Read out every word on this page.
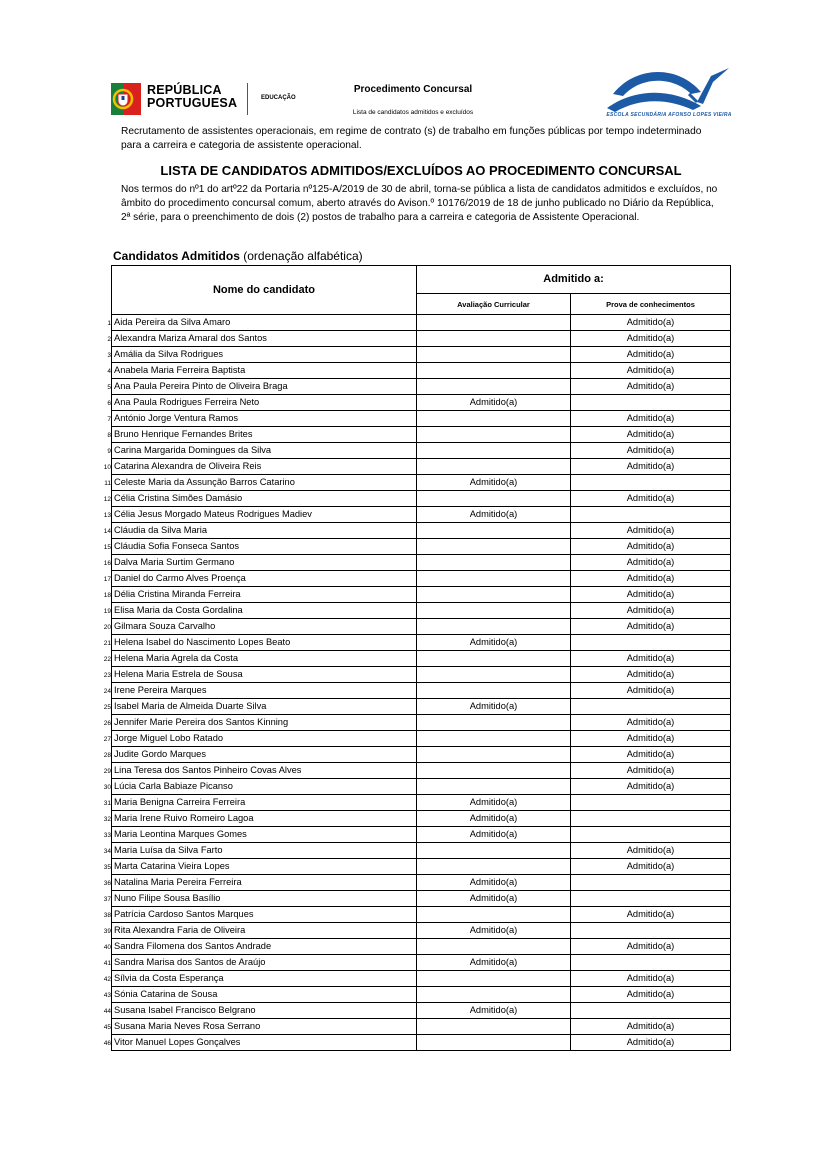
REPÚBLICA
PORTUGUESA	EDUCAÇÃO
Procedimento Concursal
Lista de candidatos admitidos e excluídos	ESCOLA SECUNDÁRIA AFONSO LOPES VIEIRA
Recrutamento de assistentes operacionais, em regime de contrato (s) de trabalho em funções públicas por tempo indeterminado para a carreira e categoria de assistente operacional.
LISTA DE CANDIDATOS ADMITIDOS/EXCLUÍDOS AO PROCEDIMENTO CONCURSAL
Nos termos do nº1 do artº22 da Portaria nº125-A/2019 de 30 de abril, torna-se pública a lista de candidatos admitidos e excluídos, no âmbito do procedimento concursal comum, aberto através do Avison.º 10176/2019 de 18 de junho publicado no Diário da República, 2ª série, para o preenchimento de dois (2) postos de trabalho para a carreira e categoria de Assistente Operacional.
Candidatos Admitidos (ordenação alfabética)
Nome do candidato	Admitido a:	
	Avaliação Curricular	Prova de conhecimentos

1 Aida Pereira da Silva Amaro		Admitido(a)

2 Alexandra Mariza Amaral dos Santos		Admitido(a)

3 Amália da Silva Rodrigues		Admitido(a)

4 Anabela Maria Ferreira Baptista		Admitido(a)

5 Ana Paula Pereira Pinto de Oliveira Braga		Admitido(a)

6 Ana Paula Rodrigues Ferreira Neto	Admitido(a)	

7 António Jorge Ventura Ramos		Admitido(a)

8 Bruno Henrique Fernandes Brites		Admitido(a)

9 Carina Margarida Domingues da Silva		Admitido(a)

10 Catarina Alexandra de Oliveira Reis		Admitido(a)

11 Celeste Maria da Assunção Barros Catarino	Admitido(a)	

12 Célia Cristina Simões Damásio		Admitido(a)

13 Célia Jesus Morgado Mateus Rodrigues Madiev	Admitido(a)	

14 Cláudia da Silva Maria		Admitido(a)

15 Cláudia Sofia Fonseca Santos		Admitido(a)

16 Dalva Maria Surtim Germano		Admitido(a)

17 Daniel do Carmo Alves Proença		Admitido(a)

18 Délia Cristina Miranda Ferreira		Admitido(a)

19 Elisa Maria da Costa Gordalina		Admitido(a)

20 Gilmara Souza Carvalho		Admitido(a)

21 Helena Isabel do Nascimento Lopes Beato	Admitido(a)	

22 Helena Maria Agrela da Costa		Admitido(a)

23 Helena Maria Estrela de Sousa		Admitido(a)

24 Irene Pereira Marques		Admitido(a)

25 Isabel Maria de Almeida Duarte Silva	Admitido(a)	

26 Jennifer Marie Pereira dos Santos Kinning		Admitido(a)

27 Jorge Miguel Lobo Ratado		Admitido(a)

28 Judite Gordo Marques		Admitido(a)

29 Lina Teresa dos Santos Pinheiro Covas Alves		Admitido(a)

30 Lúcia Carla Babiaze Picanso		Admitido(a)

31 Maria Benigna Carreira Ferreira	Admitido(a)	

32 Maria Irene Ruivo Romeiro Lagoa	Admitido(a)	

33 Maria Leontina Marques Gomes	Admitido(a)	

34 Maria Luísa da Silva Farto		Admitido(a)

35 Marta Catarina Vieira Lopes		Admitido(a)

36 Natalina Maria Pereira Ferreira	Admitido(a)	

37 Nuno Filipe Sousa Basílio	Admitido(a)	

38 Patrícia Cardoso Santos Marques		Admitido(a)

39 Rita Alexandra Faria de Oliveira	Admitido(a)	

40 Sandra Filomena dos Santos Andrade		Admitido(a)

41 Sandra Marisa dos Santos de Araújo	Admitido(a)	

42 Sílvia da Costa Esperança		Admitido(a)

43 Sónia Catarina de Sousa		Admitido(a)

44 Susana Isabel Francisco Belgrano	Admitido(a)	

45 Susana Maria Neves Rosa Serrano		Admitido(a)

46 Vitor Manuel Lopes Gonçalves		Admitido(a)
